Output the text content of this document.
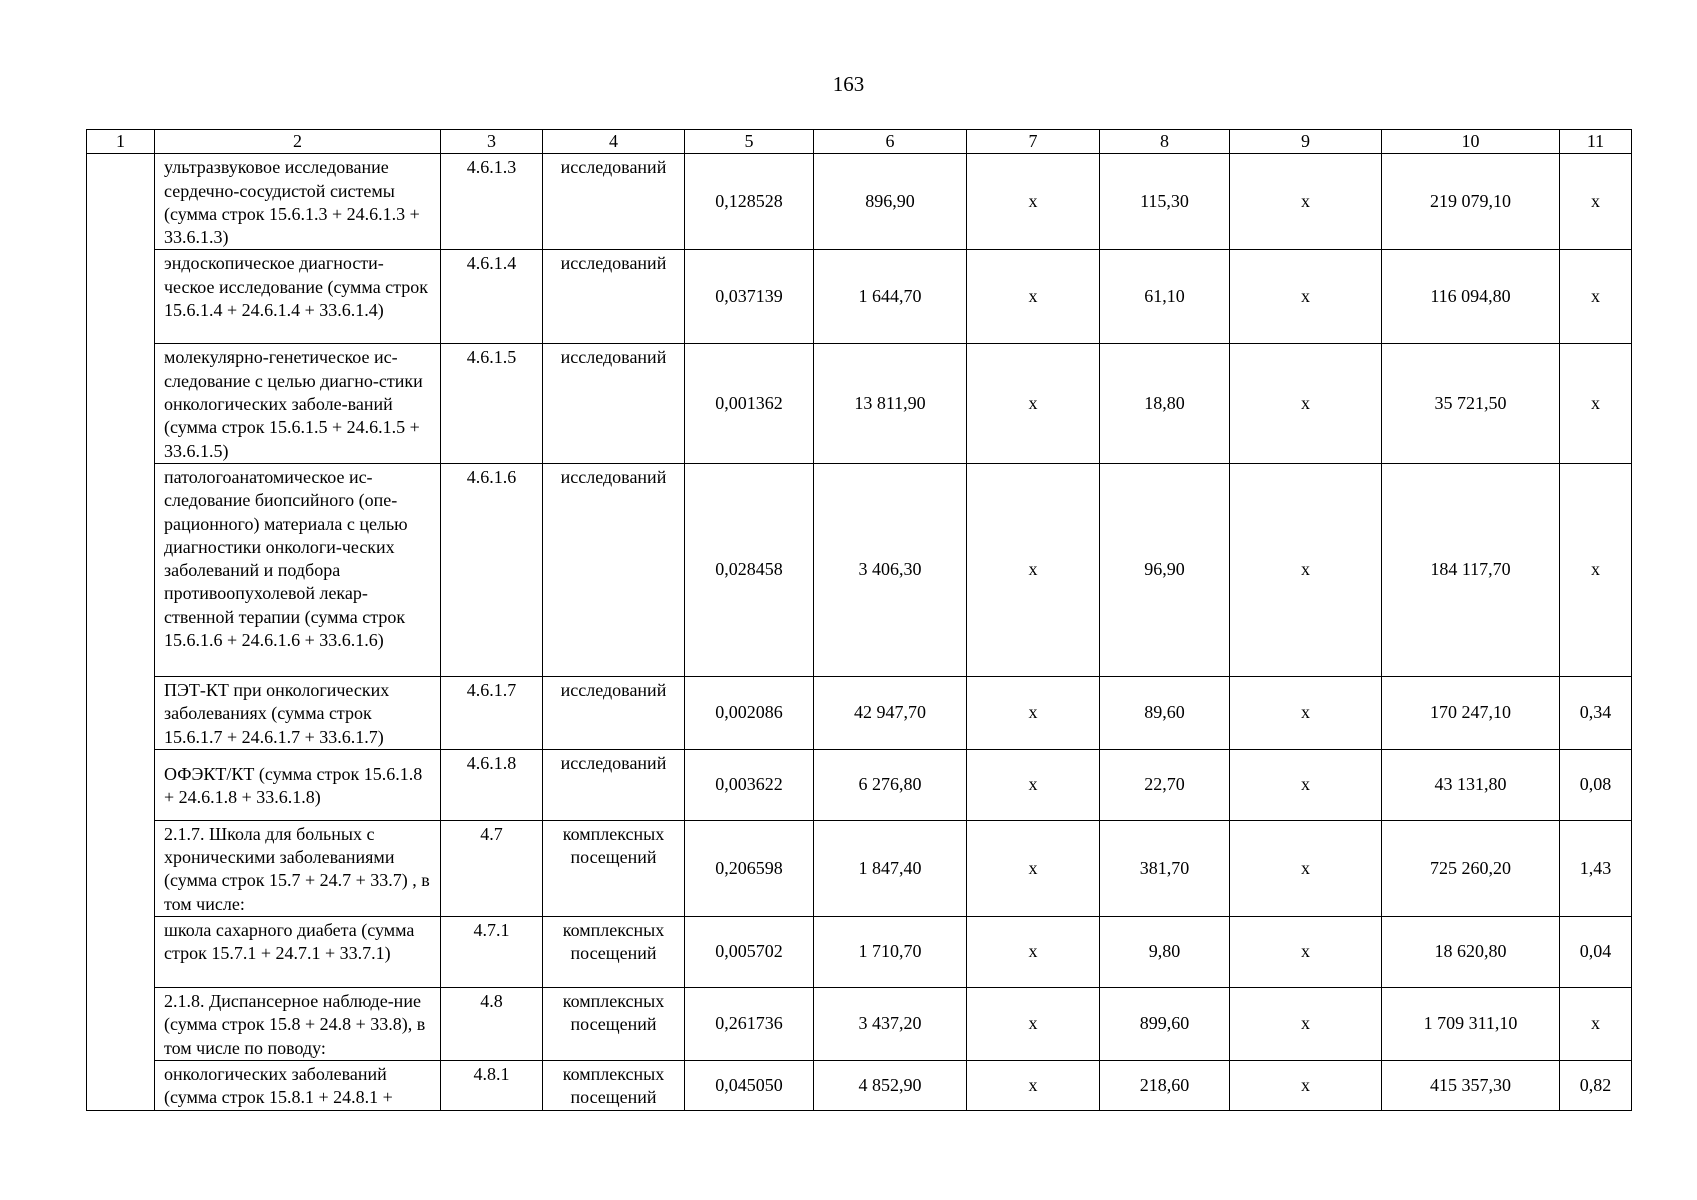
163
1	2	3	4	5	6	7	8	9	10	11
	ультразвуковое исследование сердечно-сосудистой системы (сумма строк 15.6.1.3 + 24.6.1.3 + 33.6.1.3)	4.6.1.3	исследований	0,128528	896,90	х	115,30	х	219 079,10	х
	эндоскопическое диагности-ческое исследование (сумма строк 15.6.1.4 + 24.6.1.4 + 33.6.1.4)	4.6.1.4	исследований	0,037139	1 644,70	х	61,10	х	116 094,80	х
	молекулярно-генетическое ис-следование с целью диагно-стики онкологических заболе-ваний (сумма строк 15.6.1.5 + 24.6.1.5 + 33.6.1.5)	4.6.1.5	исследований	0,001362	13 811,90	х	18,80	х	35 721,50	х
	патологоанатомическое ис-следование биопсийного (опе-рационного) материала с целью диагностики онкологи-ческих заболеваний и подбора противоопухолевой лекар-ственной терапии (сумма строк 15.6.1.6 + 24.6.1.6 + 33.6.1.6)	4.6.1.6	исследований	0,028458	3 406,30	х	96,90	х	184 117,70	х
	ПЭТ-КТ при онкологических заболеваниях (сумма строк 15.6.1.7 + 24.6.1.7 + 33.6.1.7)	4.6.1.7	исследований	0,002086	42 947,70	х	89,60	х	170 247,10	0,34
	ОФЭКТ/КТ (сумма строк 15.6.1.8 + 24.6.1.8 + 33.6.1.8)	4.6.1.8	исследований	0,003622	6 276,80	х	22,70	х	43 131,80	0,08
	2.1.7. Школа для больных с хроническими заболеваниями (сумма строк 15.7 + 24.7 + 33.7) , в том числе:	4.7	комплексных посещений	0,206598	1 847,40	х	381,70	х	725 260,20	1,43
	школа сахарного диабета (сумма строк 15.7.1 + 24.7.1 + 33.7.1)	4.7.1	комплексных посещений	0,005702	1 710,70	х	9,80	х	18 620,80	0,04
	2.1.8. Диспансерное наблюде-ние (сумма строк 15.8 + 24.8 + 33.8), в том числе по поводу:	4.8	комплексных посещений	0,261736	3 437,20	х	899,60	х	1 709 311,10	х
	онкологических заболеваний (сумма строк 15.8.1 + 24.8.1 +	4.8.1	комплексных посещений	0,045050	4 852,90	х	218,60	х	415 357,30	0,82
